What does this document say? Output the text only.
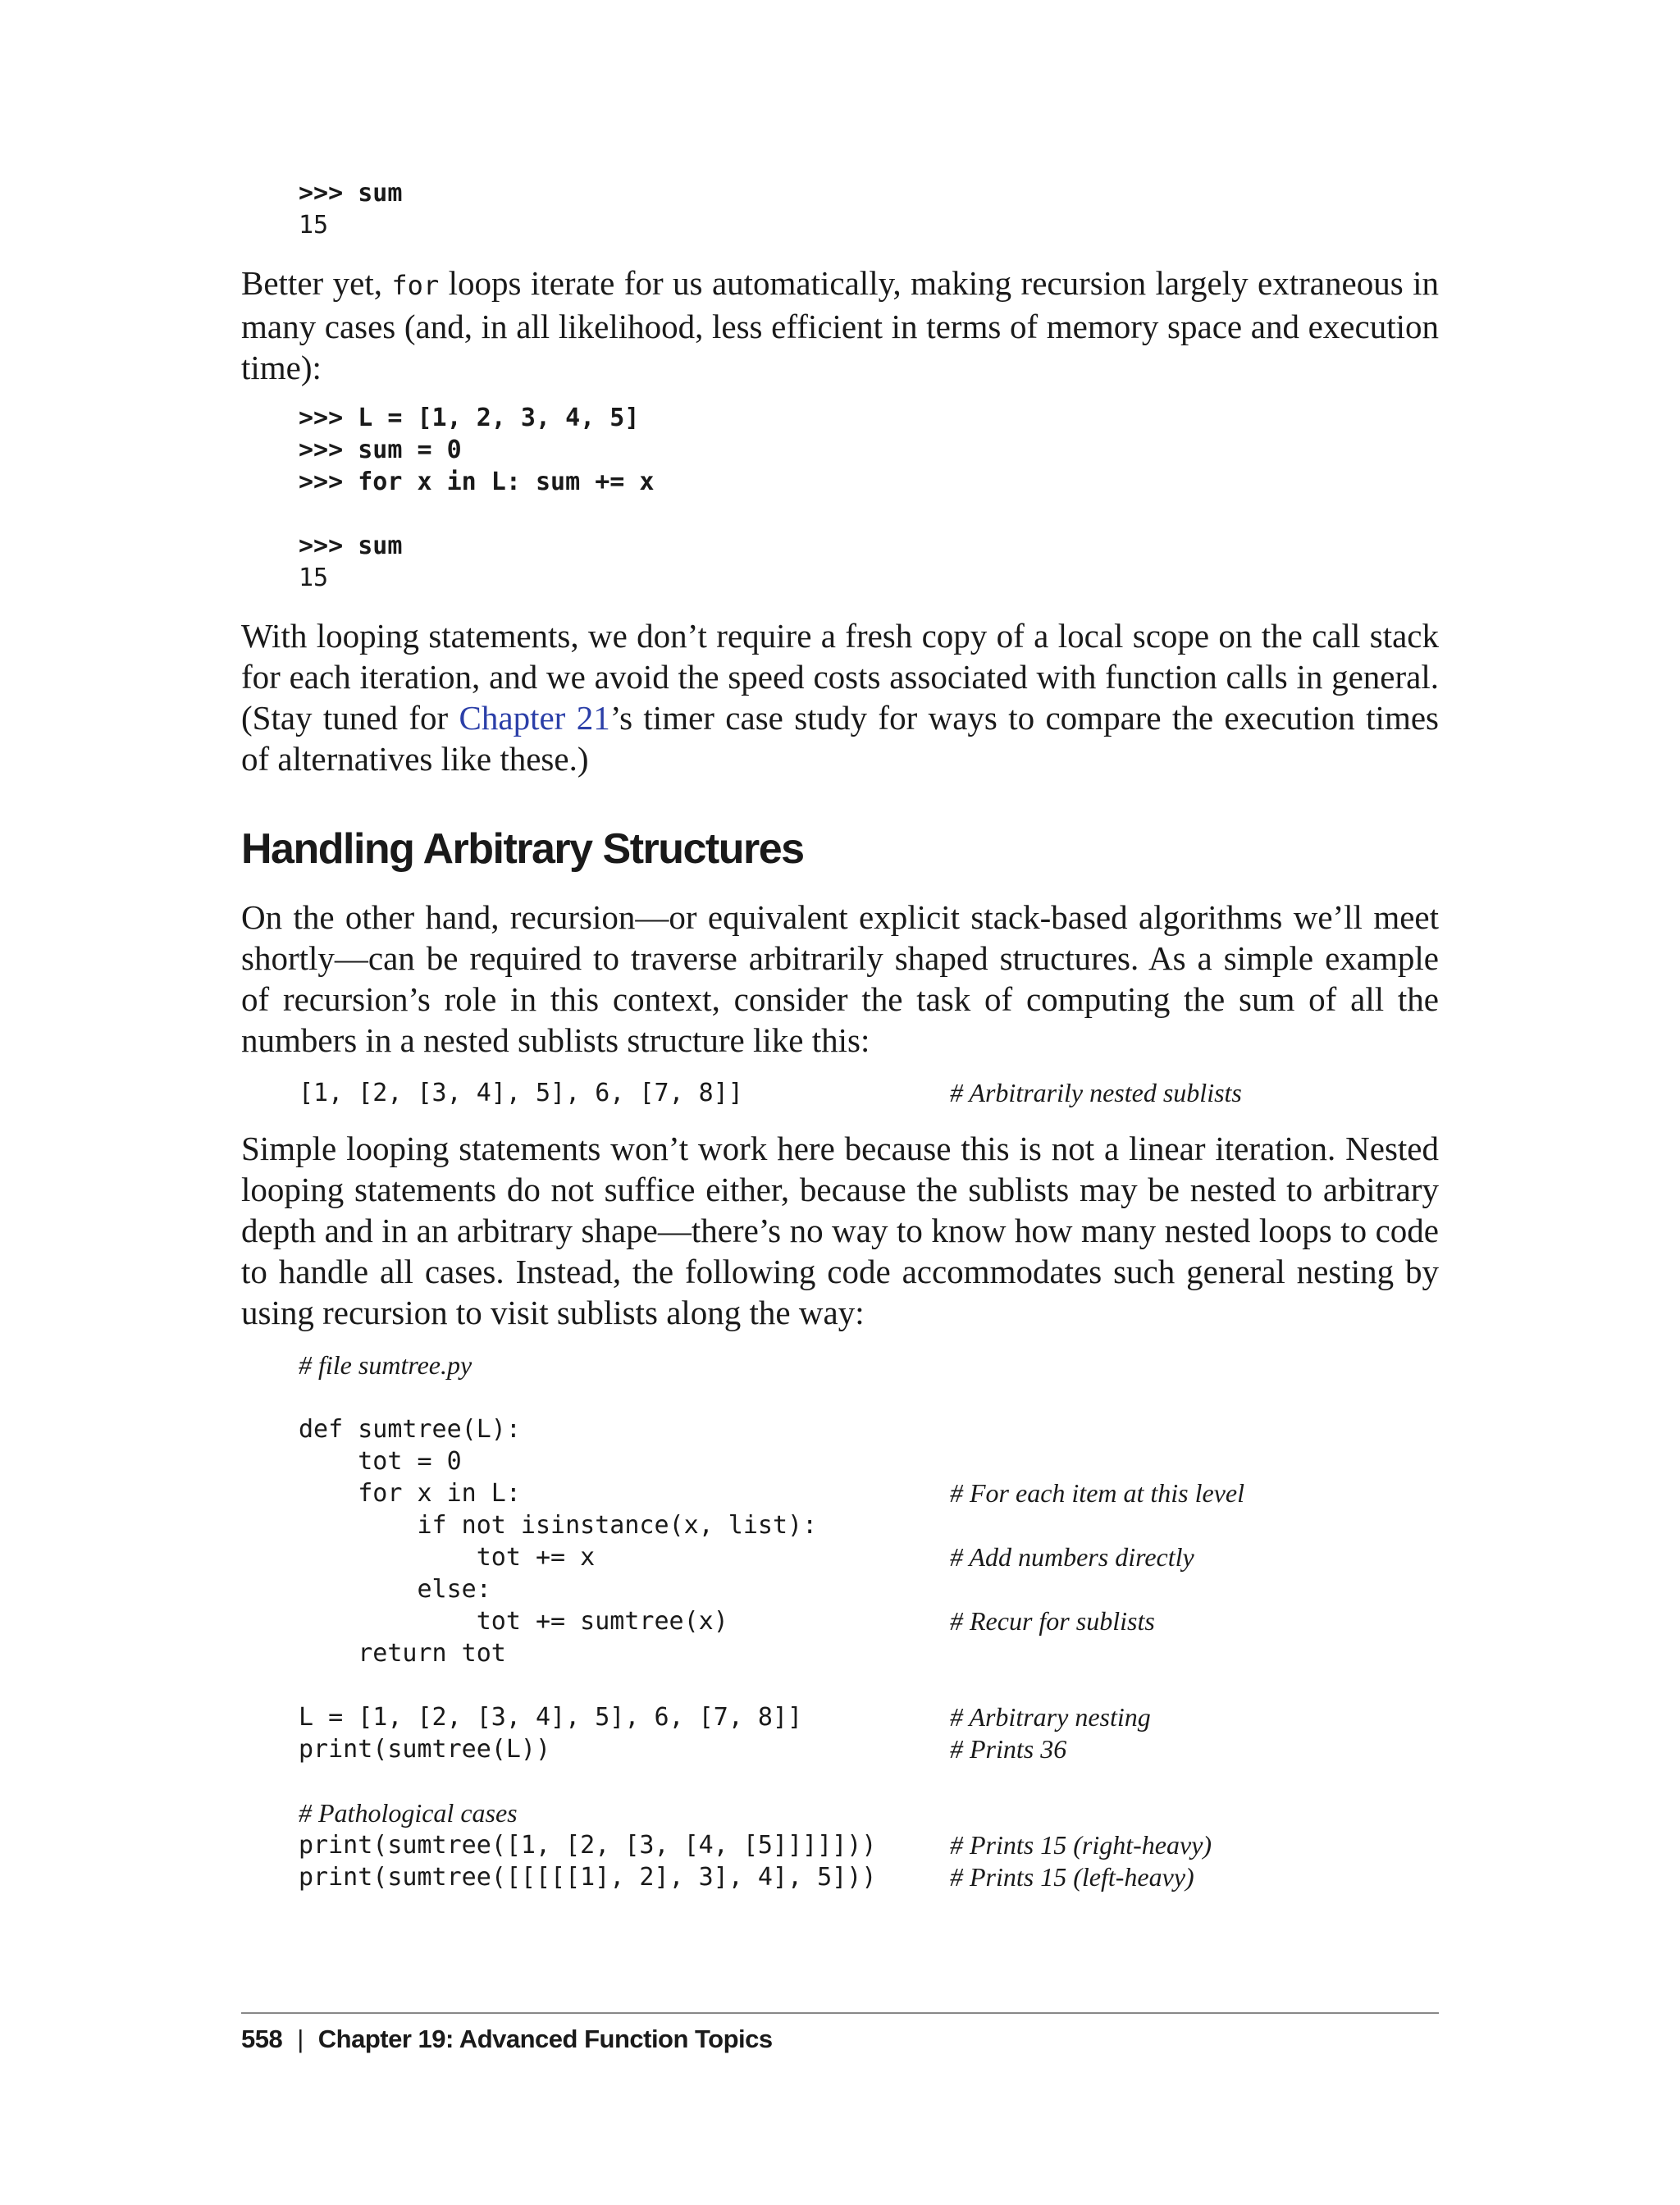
>>> sum
15

Better yet, for loops iterate for us automatically, making recursion largely extraneous in many cases (and, in all likelihood, less efficient in terms of memory space and execution time):

>>> L = [1, 2, 3, 4, 5]
>>> sum = 0
>>> for x in L: sum += x
>>> sum
15

With looping statements, we don’t require a fresh copy of a local scope on the call stack for each iteration, and we avoid the speed costs associated with function calls in general. (Stay tuned for Chapter 21’s timer case study for ways to compare the execution times of alternatives like these.)

Handling Arbitrary Structures

On the other hand, recursion—or equivalent explicit stack-based algorithms we’ll meet shortly—can be required to traverse arbitrarily shaped structures. As a simple example of recursion’s role in this context, consider the task of computing the sum of all the numbers in a nested sublists structure like this:

[1, [2, [3, 4], 5], 6, [7, 8]]	# Arbitrarily nested sublists

Simple looping statements won’t work here because this is not a linear iteration. Nested looping statements do not suffice either, because the sublists may be nested to arbitrary depth and in an arbitrary shape—there’s no way to know how many nested loops to code to handle all cases. Instead, the following code accommodates such general nesting by using recursion to visit sublists along the way:

# file sumtree.py
def sumtree(L):
tot = 0
for x in L:	# For each item at this level
if not isinstance(x, list):
tot += x	# Add numbers directly
else:
tot += sumtree(x)	# Recur for sublists
return tot
L = [1, [2, [3, 4], 5], 6, [7, 8]]	# Arbitrary nesting
print(sumtree(L))	# Prints 36
# Pathological cases
print(sumtree([1, [2, [3, [4, [5]]]]]))	# Prints 15 (right-heavy)
print(sumtree([[[[[1], 2], 3], 4], 5]))	# Prints 15 (left-heavy)

558 | Chapter 19: Advanced Function Topics
